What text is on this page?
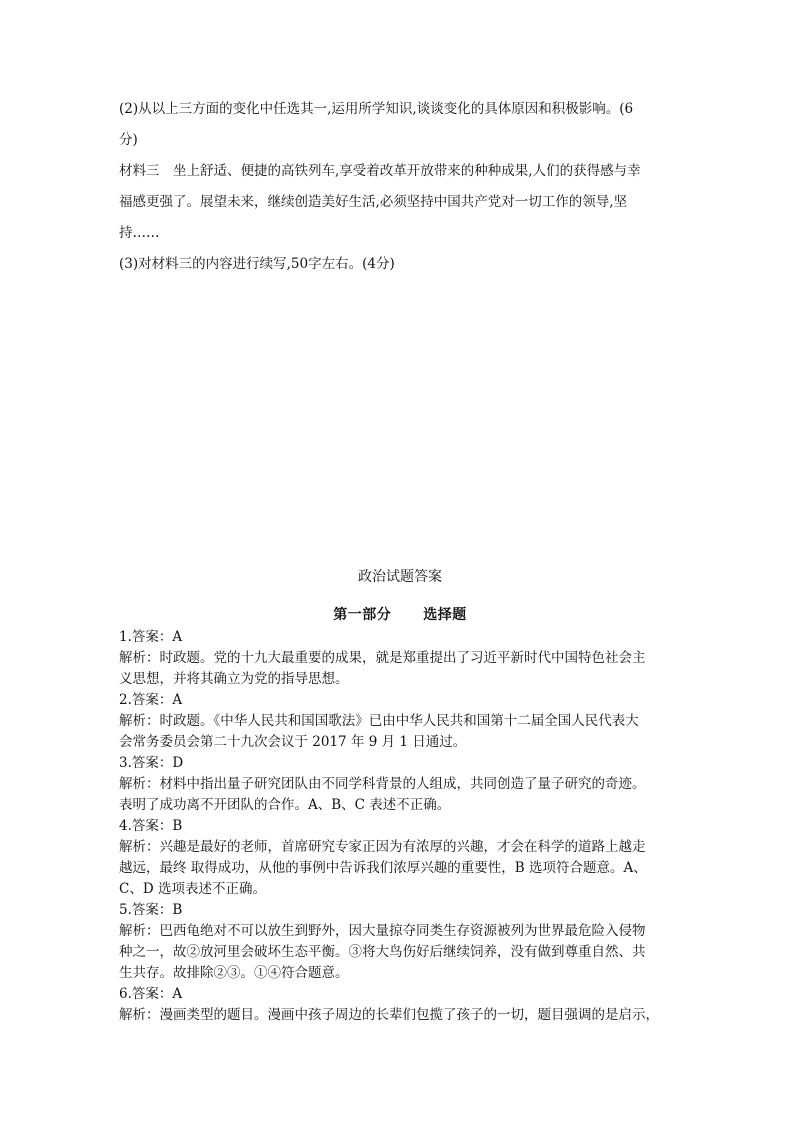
(2)从以上三方面的变化中任选其一,运用所学知识,谈谈变化的具体原因和积极影响。(6
分)
材料三　坐上舒适、便捷的高铁列车,享受着改革开放带来的种种成果,人们的获得感与幸
福感更强了。展望未来，继续创造美好生活,必须坚持中国共产党对一切工作的领导,坚
持……
(3)对材料三的内容进行续写,50字左右。(4分)
政治试题答案
第一部分 选择题
1.答案：A
解析：时政题。党的十九大最重要的成果，就是郑重提出了习近平新时代中国特色社会主
义思想，并将其确立为党的指导思想。
2.答案：A
解析：时政题。《中华人民共和国国歌法》已由中华人民共和国第十二届全国人民代表大
会常务委员会第二十九次会议于 2017 年 9 月 1 日通过。
3.答案：D
解析：材料中指出量子研究团队由不同学科背景的人组成，共同创造了量子研究的奇迹。
表明了成功离不开团队的合作。A、B、C 表述不正确。
4.答案：B
解析：兴趣是最好的老师，首席研究专家正因为有浓厚的兴趣，才会在科学的道路上越走
越远，最终 取得成功，从他的事例中告诉我们浓厚兴趣的重要性，B 选项符合题意。A、
C、D 选项表述不正确。
5.答案：B
解析：巴西龟绝对不可以放生到野外，因大量掠夺同类生存资源被列为世界最危险入侵物
种之一，故②放河里会破坏生态平衡。③将大鸟伤好后继续饲养，没有做到尊重自然、共
生共存。故排除②③。①④符合题意。
6.答案：A
解析：漫画类型的题目。漫画中孩子周边的长辈们包揽了孩子的一切，题目强调的是启示，
